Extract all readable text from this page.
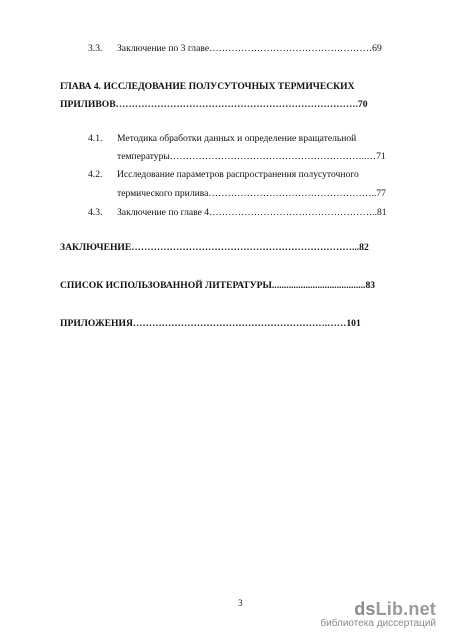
3.3. Заключение по 3 главе……………………………………………69
ГЛАВА 4. ИССЛЕДОВАНИЕ ПОЛУСУТОЧНЫХ ТЕРМИЧЕСКИХ
ПРИЛИВОВ………………………………………………………………….70
4.1. Методика обработки данных и определение вращательной
температуры……………………………………………………..…71
4.2. Исследование параметров распространения полусуточного
термического прилива……………………………………………..77
4.3. Заключение по главе 4……………………………………………..81
ЗАКЛЮЧЕНИЕ……………………………………………………………...82
СПИСОК ИСПОЛЬЗОВАННОЙ ЛИТЕРАТУРЫ.......................................83
ПРИЛОЖЕНИЯ…………………………………………………….……101
3	dsLib.net
библиотека диссертаций
